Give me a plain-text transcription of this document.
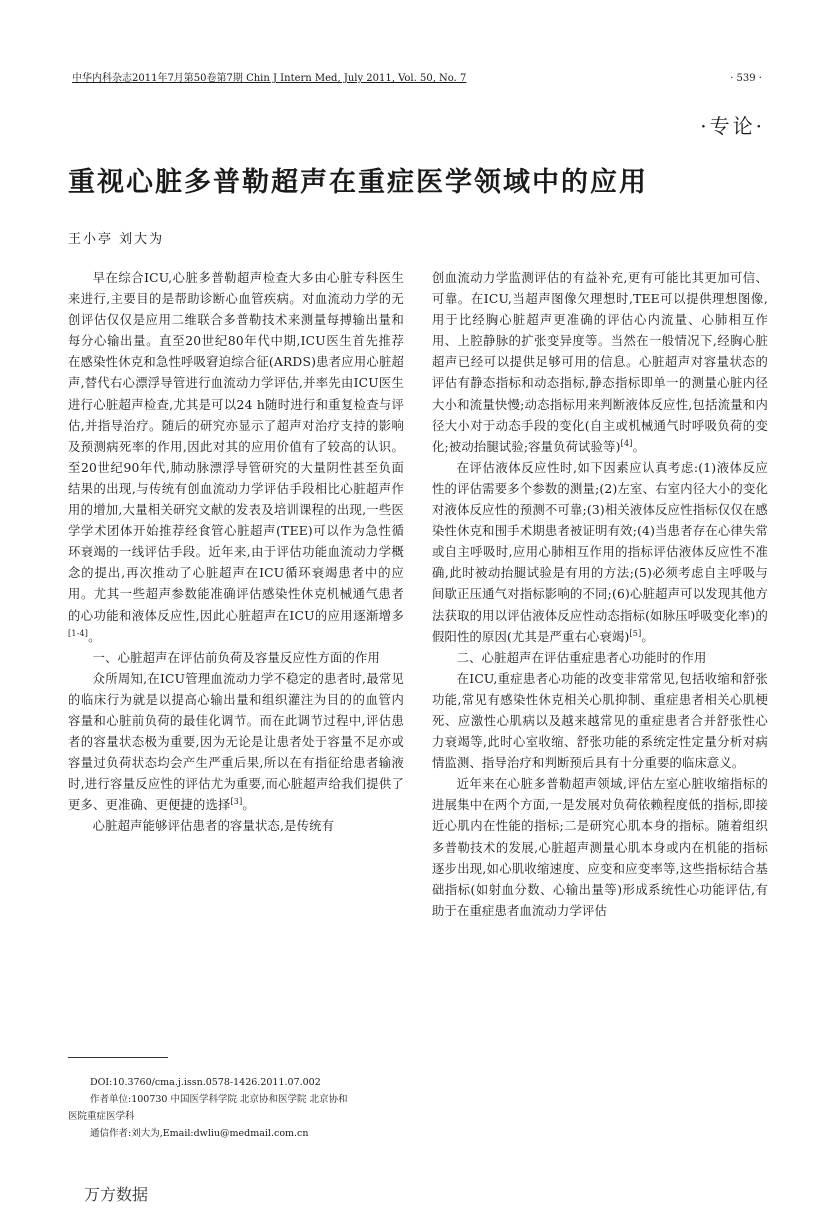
中华内科杂志2011年7月第50卷第7期 Chin J Intern Med, July 2011, Vol. 50, No. 7	· 539 ·
·专论·
重视心脏多普勒超声在重症医学领域中的应用
王小亭 刘大为

早在综合ICU,心脏多普勒超声检查大多由心脏专科医生来进行,主要目的是帮助诊断心血管疾病。对血流动力学的无创评估仅仅是应用二维联合多普勒技术来测量每搏输出量和每分心输出量。直至20世纪80年代中期,ICU医生首先推荐在感染性休克和急性呼吸窘迫综合征(ARDS)患者应用心脏超声,替代右心漂浮导管进行血流动力学评估,并率先由ICU医生进行心脏超声检查,尤其是可以24 h随时进行和重复检查与评估,并指导治疗。随后的研究亦显示了超声对治疗支持的影响及预测病死率的作用,因此对其的应用价值有了较高的认识。至20世纪90年代,肺动脉漂浮导管研究的大量阴性甚至负面结果的出现,与传统有创血流动力学评估手段相比心脏超声作用的增加,大量相关研究文献的发表及培训课程的出现,一些医学学术团体开始推荐经食管心脏超声(TEE)可以作为急性循环衰竭的一线评估手段。近年来,由于评估功能血流动力学概念的提出,再次推动了心脏超声在ICU循环衰竭患者中的应用。尤其一些超声参数能准确评估感染性休克机械通气患者的心功能和液体反应性,因此心脏超声在ICU的应用逐渐增多[1-4]。

一、心脏超声在评估前负荷及容量反应性方面的作用

众所周知,在ICU管理血流动力学不稳定的患者时,最常见的临床行为就是以提高心输出量和组织灌注为目的的血管内容量和心脏前负荷的最佳化调节。而在此调节过程中,评估患者的容量状态极为重要,因为无论是让患者处于容量不足亦或容量过负荷状态均会产生严重后果,所以在有指征给患者输液时,进行容量反应性的评估尤为重要,而心脏超声给我们提供了更多、更准确、更便捷的选择[3]。

心脏超声能够评估患者的容量状态,是传统有

创血流动力学监测评估的有益补充,更有可能比其更加可信、可靠。在ICU,当超声图像欠理想时,TEE可以提供理想图像,用于比经胸心脏超声更准确的评估心内流量、心肺相互作用、上腔静脉的扩张变异度等。当然在一般情况下,经胸心脏超声已经可以提供足够可用的信息。心脏超声对容量状态的评估有静态指标和动态指标,静态指标即单一的测量心脏内径大小和流量快慢;动态指标用来判断液体反应性,包括流量和内径大小对于动态手段的变化(自主或机械通气时呼吸负荷的变化;被动抬腿试验;容量负荷试验等)[4]。

在评估液体反应性时,如下因素应认真考虑:(1)液体反应性的评估需要多个参数的测量;(2)左室、右室内径大小的变化对液体反应性的预测不可靠;(3)相关液体反应性指标仅仅在感染性休克和围手术期患者被证明有效;(4)当患者存在心律失常或自主呼吸时,应用心肺相互作用的指标评估液体反应性不准确,此时被动抬腿试验是有用的方法;(5)必须考虑自主呼吸与间歇正压通气对指标影响的不同;(6)心脏超声可以发现其他方法获取的用以评估液体反应性动态指标(如脉压呼吸变化率)的假阳性的原因(尤其是严重右心衰竭)[5]。

二、心脏超声在评估重症患者心功能时的作用

在ICU,重症患者心功能的改变非常常见,包括收缩和舒张功能,常见有感染性休克相关心肌抑制、重症患者相关心肌梗死、应激性心肌病以及越来越常见的重症患者合并舒张性心力衰竭等,此时心室收缩、舒张功能的系统定性定量分析对病情监测、指导治疗和判断预后具有十分重要的临床意义。

近年来在心脏多普勒超声领域,评估左室心脏收缩指标的进展集中在两个方面,一是发展对负荷依赖程度低的指标,即接近心肌内在性能的指标;二是研究心肌本身的指标。随着组织多普勒技术的发展,心脏超声测量心肌本身或内在机能的指标逐步出现,如心肌收缩速度、应变和应变率等,这些指标结合基础指标(如射血分数、心输出量等)形成系统性心功能评估,有助于在重症患者血流动力学评估

DOI:10.3760/cma.j.issn.0578-1426.2011.07.002
作者单位:100730 中国医学科学院 北京协和医学院 北京协和
医院重症医学科
通信作者:刘大为,Email:dwliu@medmail.com.cn
万方数据
